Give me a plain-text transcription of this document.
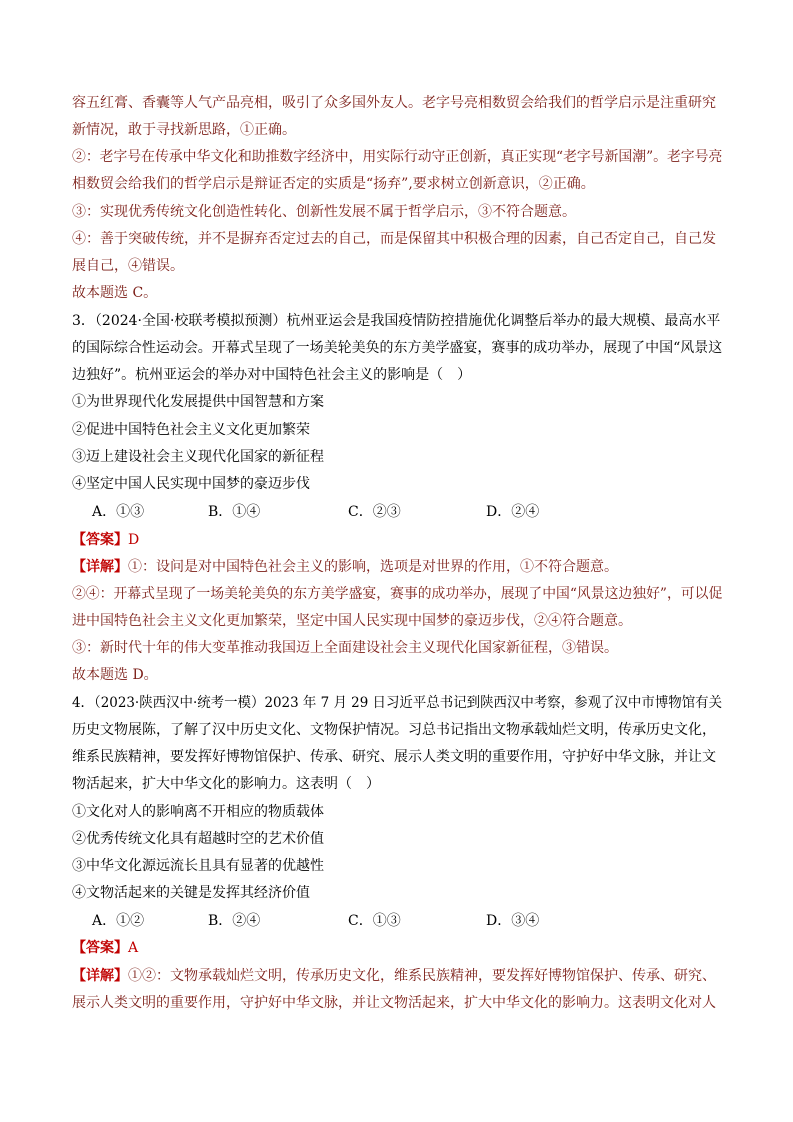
容五红膏、香囊等人气产品亮相，吸引了众多国外友人。老字号亮相数贸会给我们的哲学启示是注重研究
新情况，敢于寻找新思路，①正确。
②：老字号在传承中华文化和助推数字经济中，用实际行动守正创新，真正实现“老字号新国潮”。老字号亮
相数贸会给我们的哲学启示是辩证否定的实质是“扬弃”,要求树立创新意识，②正确。
③：实现优秀传统文化创造性转化、创新性发展不属于哲学启示，③不符合题意。
④：善于突破传统，并不是摒弃否定过去的自己，而是保留其中积极合理的因素，自己否定自己，自己发
展自己，④错误。
故本题选 C。
3．（2024·全国·校联考模拟预测）杭州亚运会是我国疫情防控措施优化调整后举办的最大规模、最高水平
的国际综合性运动会。开幕式呈现了一场美轮美奂的东方美学盛宴，赛事的成功举办，展现了中国“风景这
边独好”。杭州亚运会的举办对中国特色社会主义的影响是（　）
①为世界现代化发展提供中国智慧和方案
②促进中国特色社会主义文化更加繁荣
③迈上建设社会主义现代化国家的新征程
④坚定中国人民实现中国梦的豪迈步伐
A．①③	B．①④	C．②③	D．②④
【答案】D
【详解】①：设问是对中国特色社会主义的影响，选项是对世界的作用，①不符合题意。
②④：开幕式呈现了一场美轮美奂的东方美学盛宴，赛事的成功举办，展现了中国“风景这边独好”，可以促
进中国特色社会主义文化更加繁荣，坚定中国人民实现中国梦的豪迈步伐，②④符合题意。
③：新时代十年的伟大变革推动我国迈上全面建设社会主义现代化国家新征程，③错误。
故本题选 D。
4．（2023·陕西汉中·统考一模）2023 年 7 月 29 日习近平总书记到陕西汉中考察，参观了汉中市博物馆有关
历史文物展陈，了解了汉中历史文化、文物保护情况。习总书记指出文物承载灿烂文明，传承历史文化，
维系民族精神，要发挥好博物馆保护、传承、研究、展示人类文明的重要作用，守护好中华文脉，并让文
物活起来，扩大中华文化的影响力。这表明（　）
①文化对人的影响离不开相应的物质载体
②优秀传统文化具有超越时空的艺术价值
③中华文化源远流长且具有显著的优越性
④文物活起来的关键是发挥其经济价值
A．①②	B．②④	C．①③	D．③④
【答案】A
【详解】①②：文物承载灿烂文明，传承历史文化，维系民族精神，要发挥好博物馆保护、传承、研究、
展示人类文明的重要作用，守护好中华文脉，并让文物活起来，扩大中华文化的影响力。这表明文化对人
